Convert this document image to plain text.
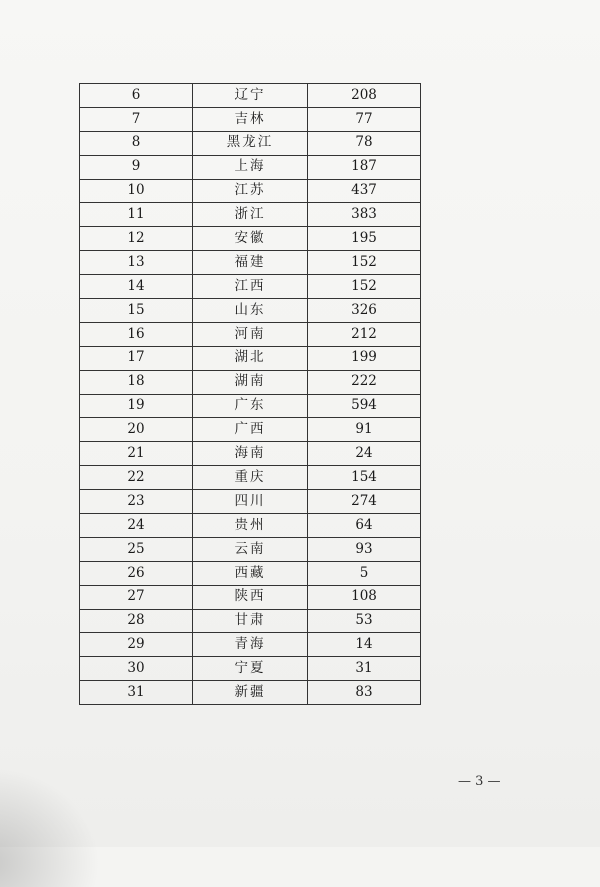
6	辽宁	208
7	吉林	77
8	黑龙江	78
9	上海	187
10	江苏	437
11	浙江	383
12	安徽	195
13	福建	152
14	江西	152
15	山东	326
16	河南	212
17	湖北	199
18	湖南	222
19	广东	594
20	广西	91
21	海南	24
22	重庆	154
23	四川	274
24	贵州	64
25	云南	93
26	西藏	5
27	陕西	108
28	甘肃	53
29	青海	14
30	宁夏	31
31	新疆	83
— 3 —
